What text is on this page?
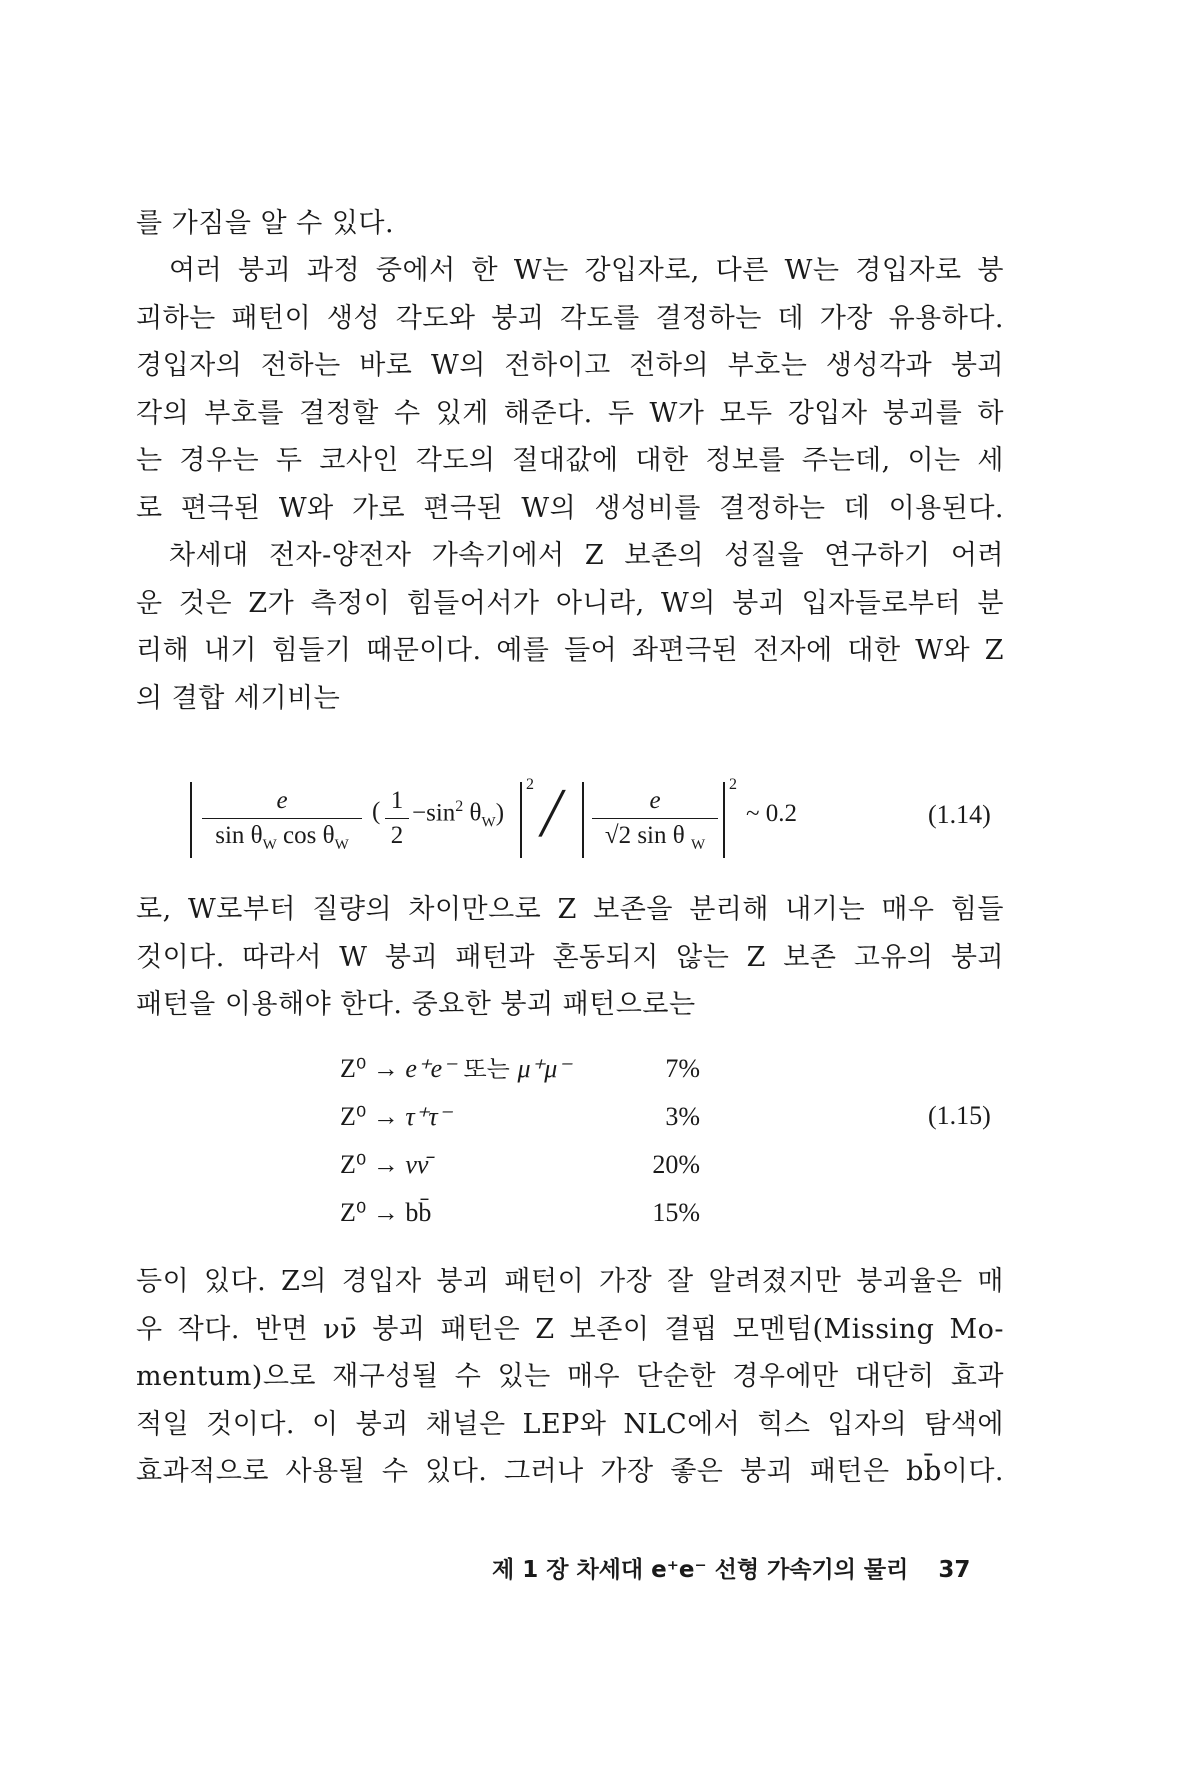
를 가짐을 알 수 있다.
여러 붕괴 과정 중에서 한 W는 강입자로, 다른 W는 경입자로 붕
괴하는 패턴이 생성 각도와 붕괴 각도를 결정하는 데 가장 유용하다.
경입자의 전하는 바로 W의 전하이고 전하의 부호는 생성각과 붕괴
각의 부호를 결정할 수 있게 해준다. 두 W가 모두 강입자 붕괴를 하
는 경우는 두 코사인 각도의 절대값에 대한 정보를 주는데, 이는 세
로 편극된 W와 가로 편극된 W의 생성비를 결정하는 데 이용된다.
차세대 전자-양전자 가속기에서 Z 보존의 성질을 연구하기 어려
운 것은 Z가 측정이 힘들어서가 아니라, W의 붕괴 입자들로부터 분
리해 내기 힘들기 때문이다. 예를 들어 좌편극된 전자에 대한 W와 Z
의 결합 세기비는
$\frac{e}{\sin \theta_W \cos \theta_W}$ ( $\frac{1}{2} -\sin^2$ $\theta_W$)
2
╱ $\frac{e}{√2 \sin \theta _W} 2$
~ 0.2	(1.14)
로, W로부터 질량의 차이만으로 Z 보존을 분리해 내기는 매우 힘들
것이다. 따라서 W 붕괴 패턴과 혼동되지 않는 Z 보존 고유의 붕괴
패턴을 이용해야 한다. 중요한 붕괴 패턴으로는
Z⁰ → e⁺e⁻ 또는 μ⁺μ⁻	7%
Z⁰ → τ⁺τ⁻	3%
Z⁰ → νν̄	20%
Z⁰ → bb̄	15%
(1.15)
등이 있다. Z의 경입자 붕괴 패턴이 가장 잘 알려졌지만 붕괴율은 매
우 작다. 반면 νν̄ 붕괴 패턴은 Z 보존이 결핍 모멘텀(Missing Mo-
mentum)으로 재구성될 수 있는 매우 단순한 경우에만 대단히 효과
적일 것이다. 이 붕괴 채널은 LEP와 NLC에서 힉스 입자의 탐색에
효과적으로 사용될 수 있다. 그러나 가장 좋은 붕괴 패턴은 bb̄이다.
제 1 장 차세대 e⁺e⁻ 선형 가속기의 물리 37
